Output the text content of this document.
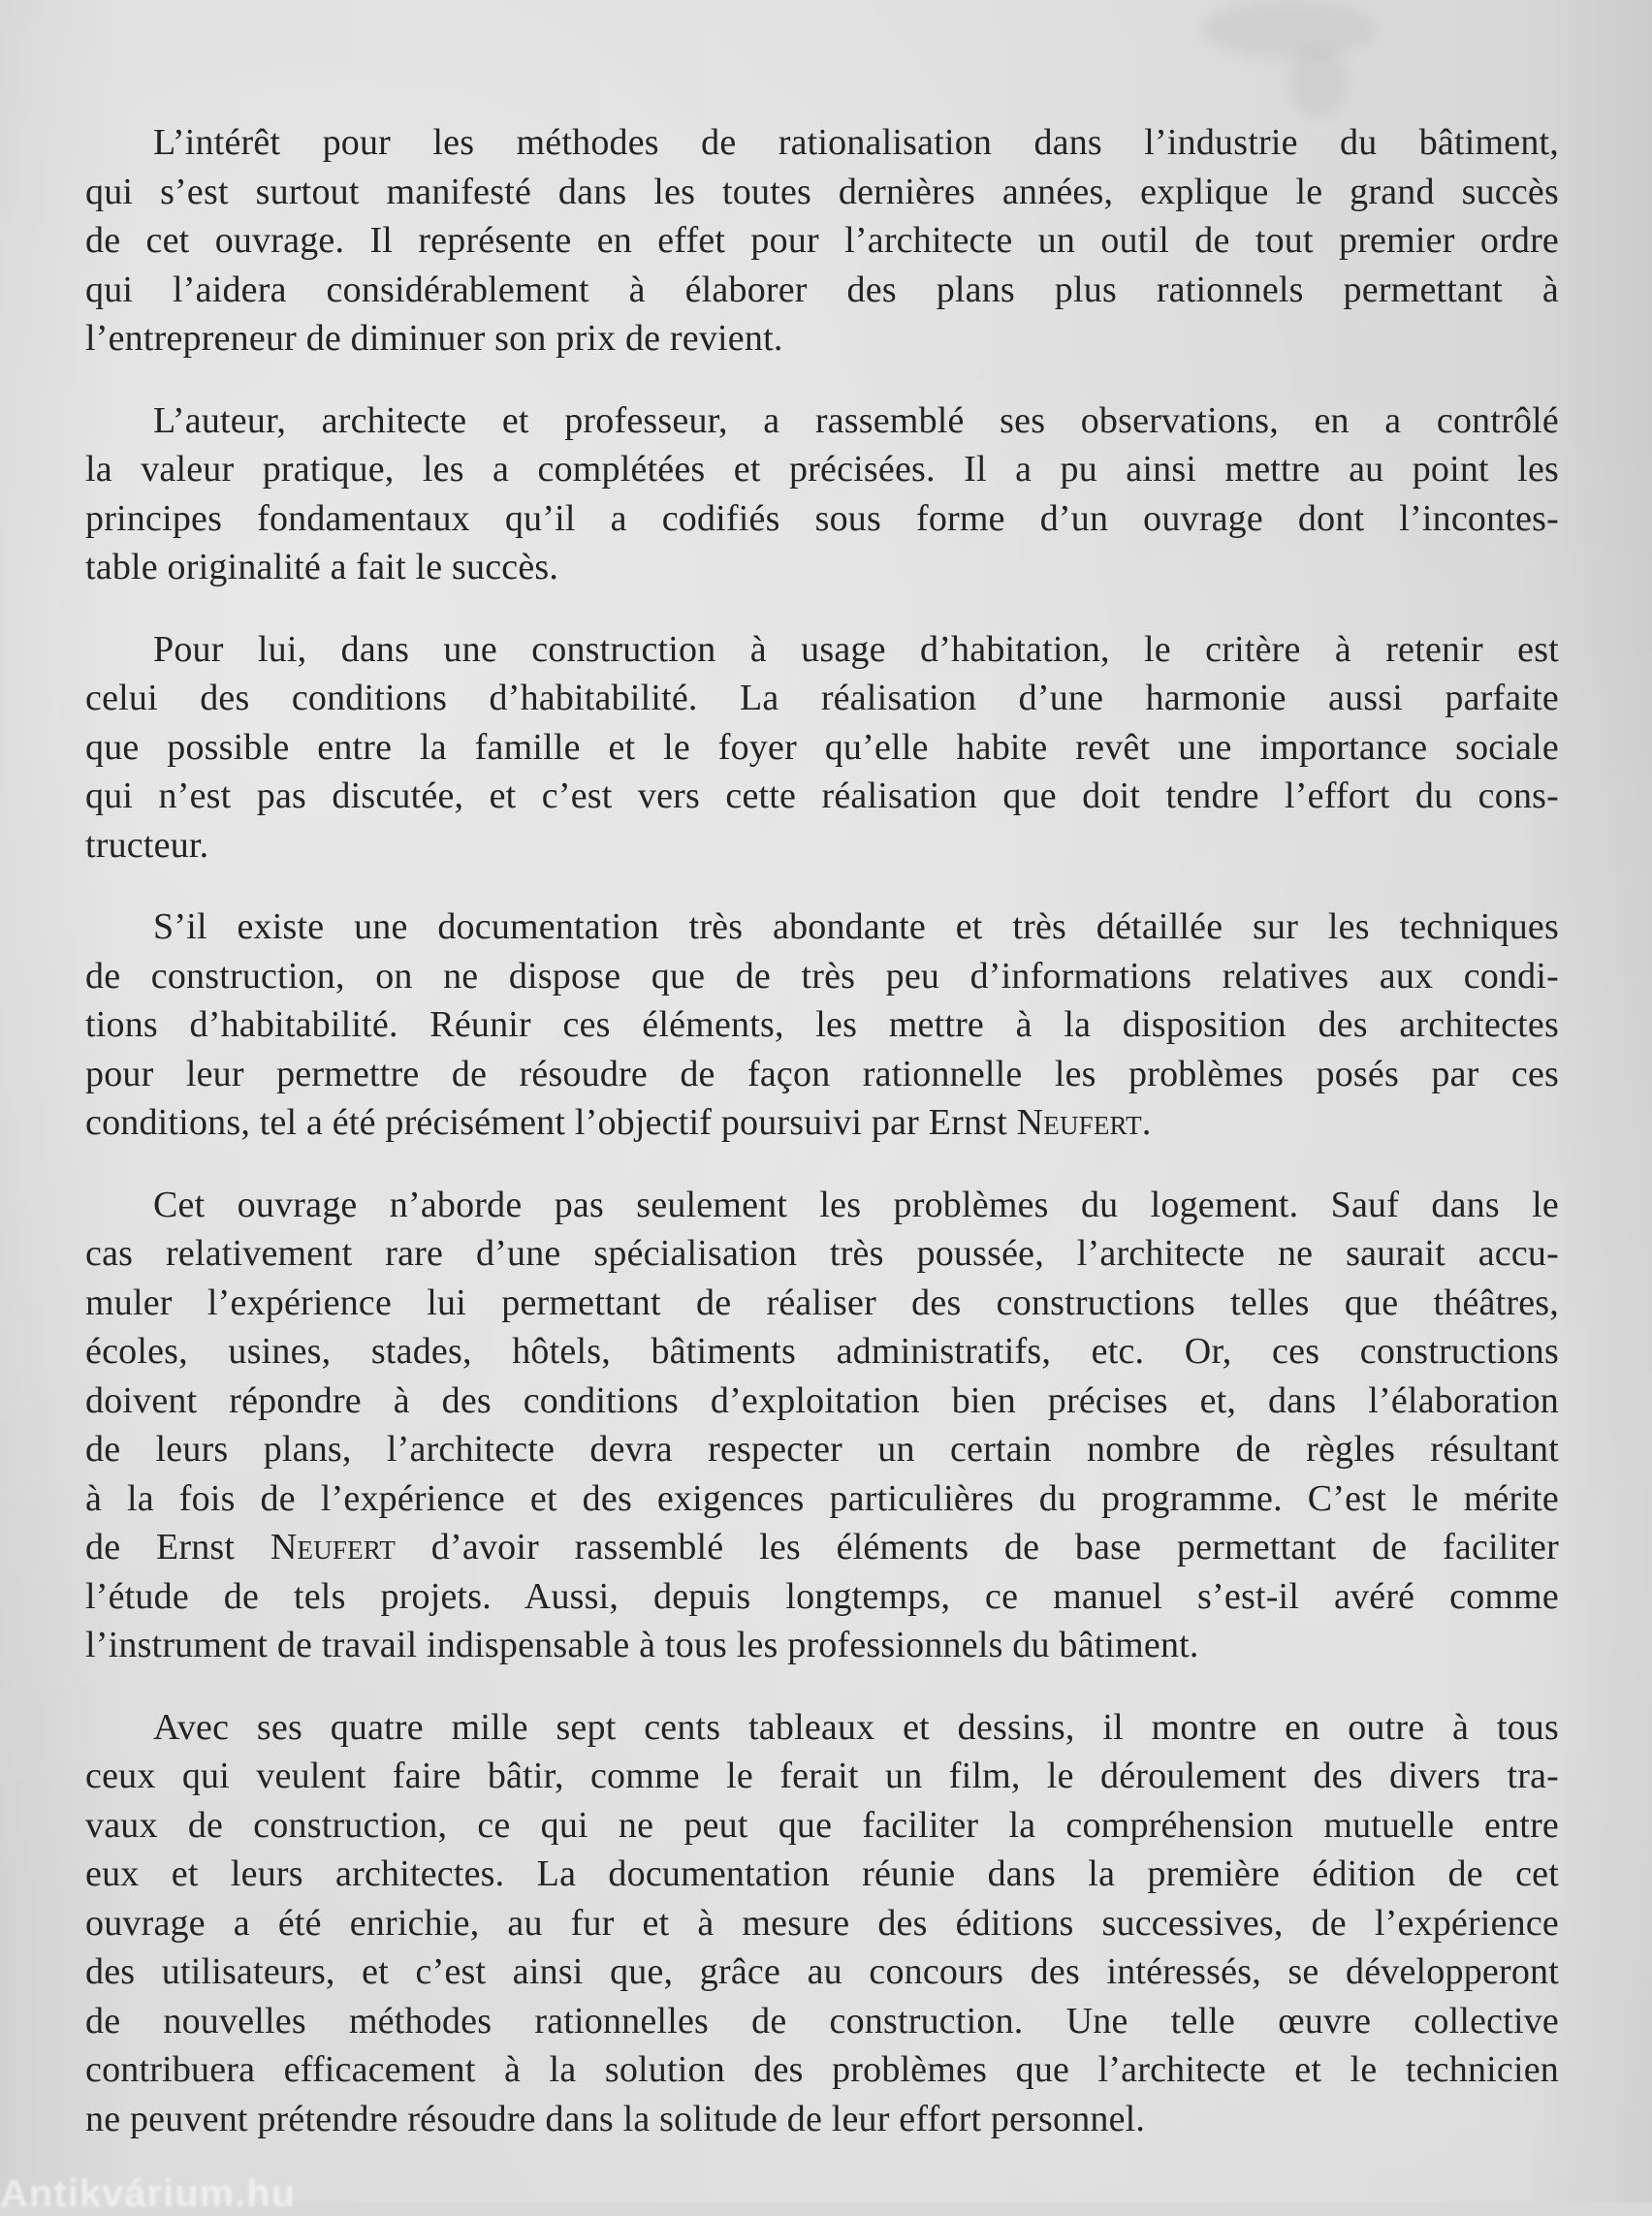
L’intérêt pour les méthodes de rationalisation dans l’industrie du bâtiment,
qui s’est surtout manifesté dans les toutes dernières années, explique le grand succès
de cet ouvrage. Il représente en effet pour l’architecte un outil de tout premier ordre
qui l’aidera considérablement à élaborer des plans plus rationnels permettant à
l’entrepreneur de diminuer son prix de revient.
L’auteur, architecte et professeur, a rassemblé ses observations, en a contrôlé
la valeur pratique, les a complétées et précisées. Il a pu ainsi mettre au point les
principes fondamentaux qu’il a codifiés sous forme d’un ouvrage dont l’incontes-
table originalité a fait le succès.
Pour lui, dans une construction à usage d’habitation, le critère à retenir est
celui des conditions d’habitabilité. La réalisation d’une harmonie aussi parfaite
que possible entre la famille et le foyer qu’elle habite revêt une importance sociale
qui n’est pas discutée, et c’est vers cette réalisation que doit tendre l’effort du cons-
tructeur.
S’il existe une documentation très abondante et très détaillée sur les techniques
de construction, on ne dispose que de très peu d’informations relatives aux condi-
tions d’habitabilité. Réunir ces éléments, les mettre à la disposition des architectes
pour leur permettre de résoudre de façon rationnelle les problèmes posés par ces
conditions, tel a été précisément l’objectif poursuivi par Ernst Neufert.
Cet ouvrage n’aborde pas seulement les problèmes du logement. Sauf dans le
cas relativement rare d’une spécialisation très poussée, l’architecte ne saurait accu-
muler l’expérience lui permettant de réaliser des constructions telles que théâtres,
écoles, usines, stades, hôtels, bâtiments administratifs, etc. Or, ces constructions
doivent répondre à des conditions d’exploitation bien précises et, dans l’élaboration
de leurs plans, l’architecte devra respecter un certain nombre de règles résultant
à la fois de l’expérience et des exigences particulières du programme. C’est le mérite
de Ernst Neufert d’avoir rassemblé les éléments de base permettant de faciliter
l’étude de tels projets. Aussi, depuis longtemps, ce manuel s’est-il avéré comme
l’instrument de travail indispensable à tous les professionnels du bâtiment.
Avec ses quatre mille sept cents tableaux et dessins, il montre en outre à tous
ceux qui veulent faire bâtir, comme le ferait un film, le déroulement des divers tra-
vaux de construction, ce qui ne peut que faciliter la compréhension mutuelle entre
eux et leurs architectes. La documentation réunie dans la première édition de cet
ouvrage a été enrichie, au fur et à mesure des éditions successives, de l’expérience
des utilisateurs, et c’est ainsi que, grâce au concours des intéressés, se développeront
de nouvelles méthodes rationnelles de construction. Une telle œuvre collective
contribuera efficacement à la solution des problèmes que l’architecte et le technicien
ne peuvent prétendre résoudre dans la solitude de leur effort personnel.
Antikvárium.hu
